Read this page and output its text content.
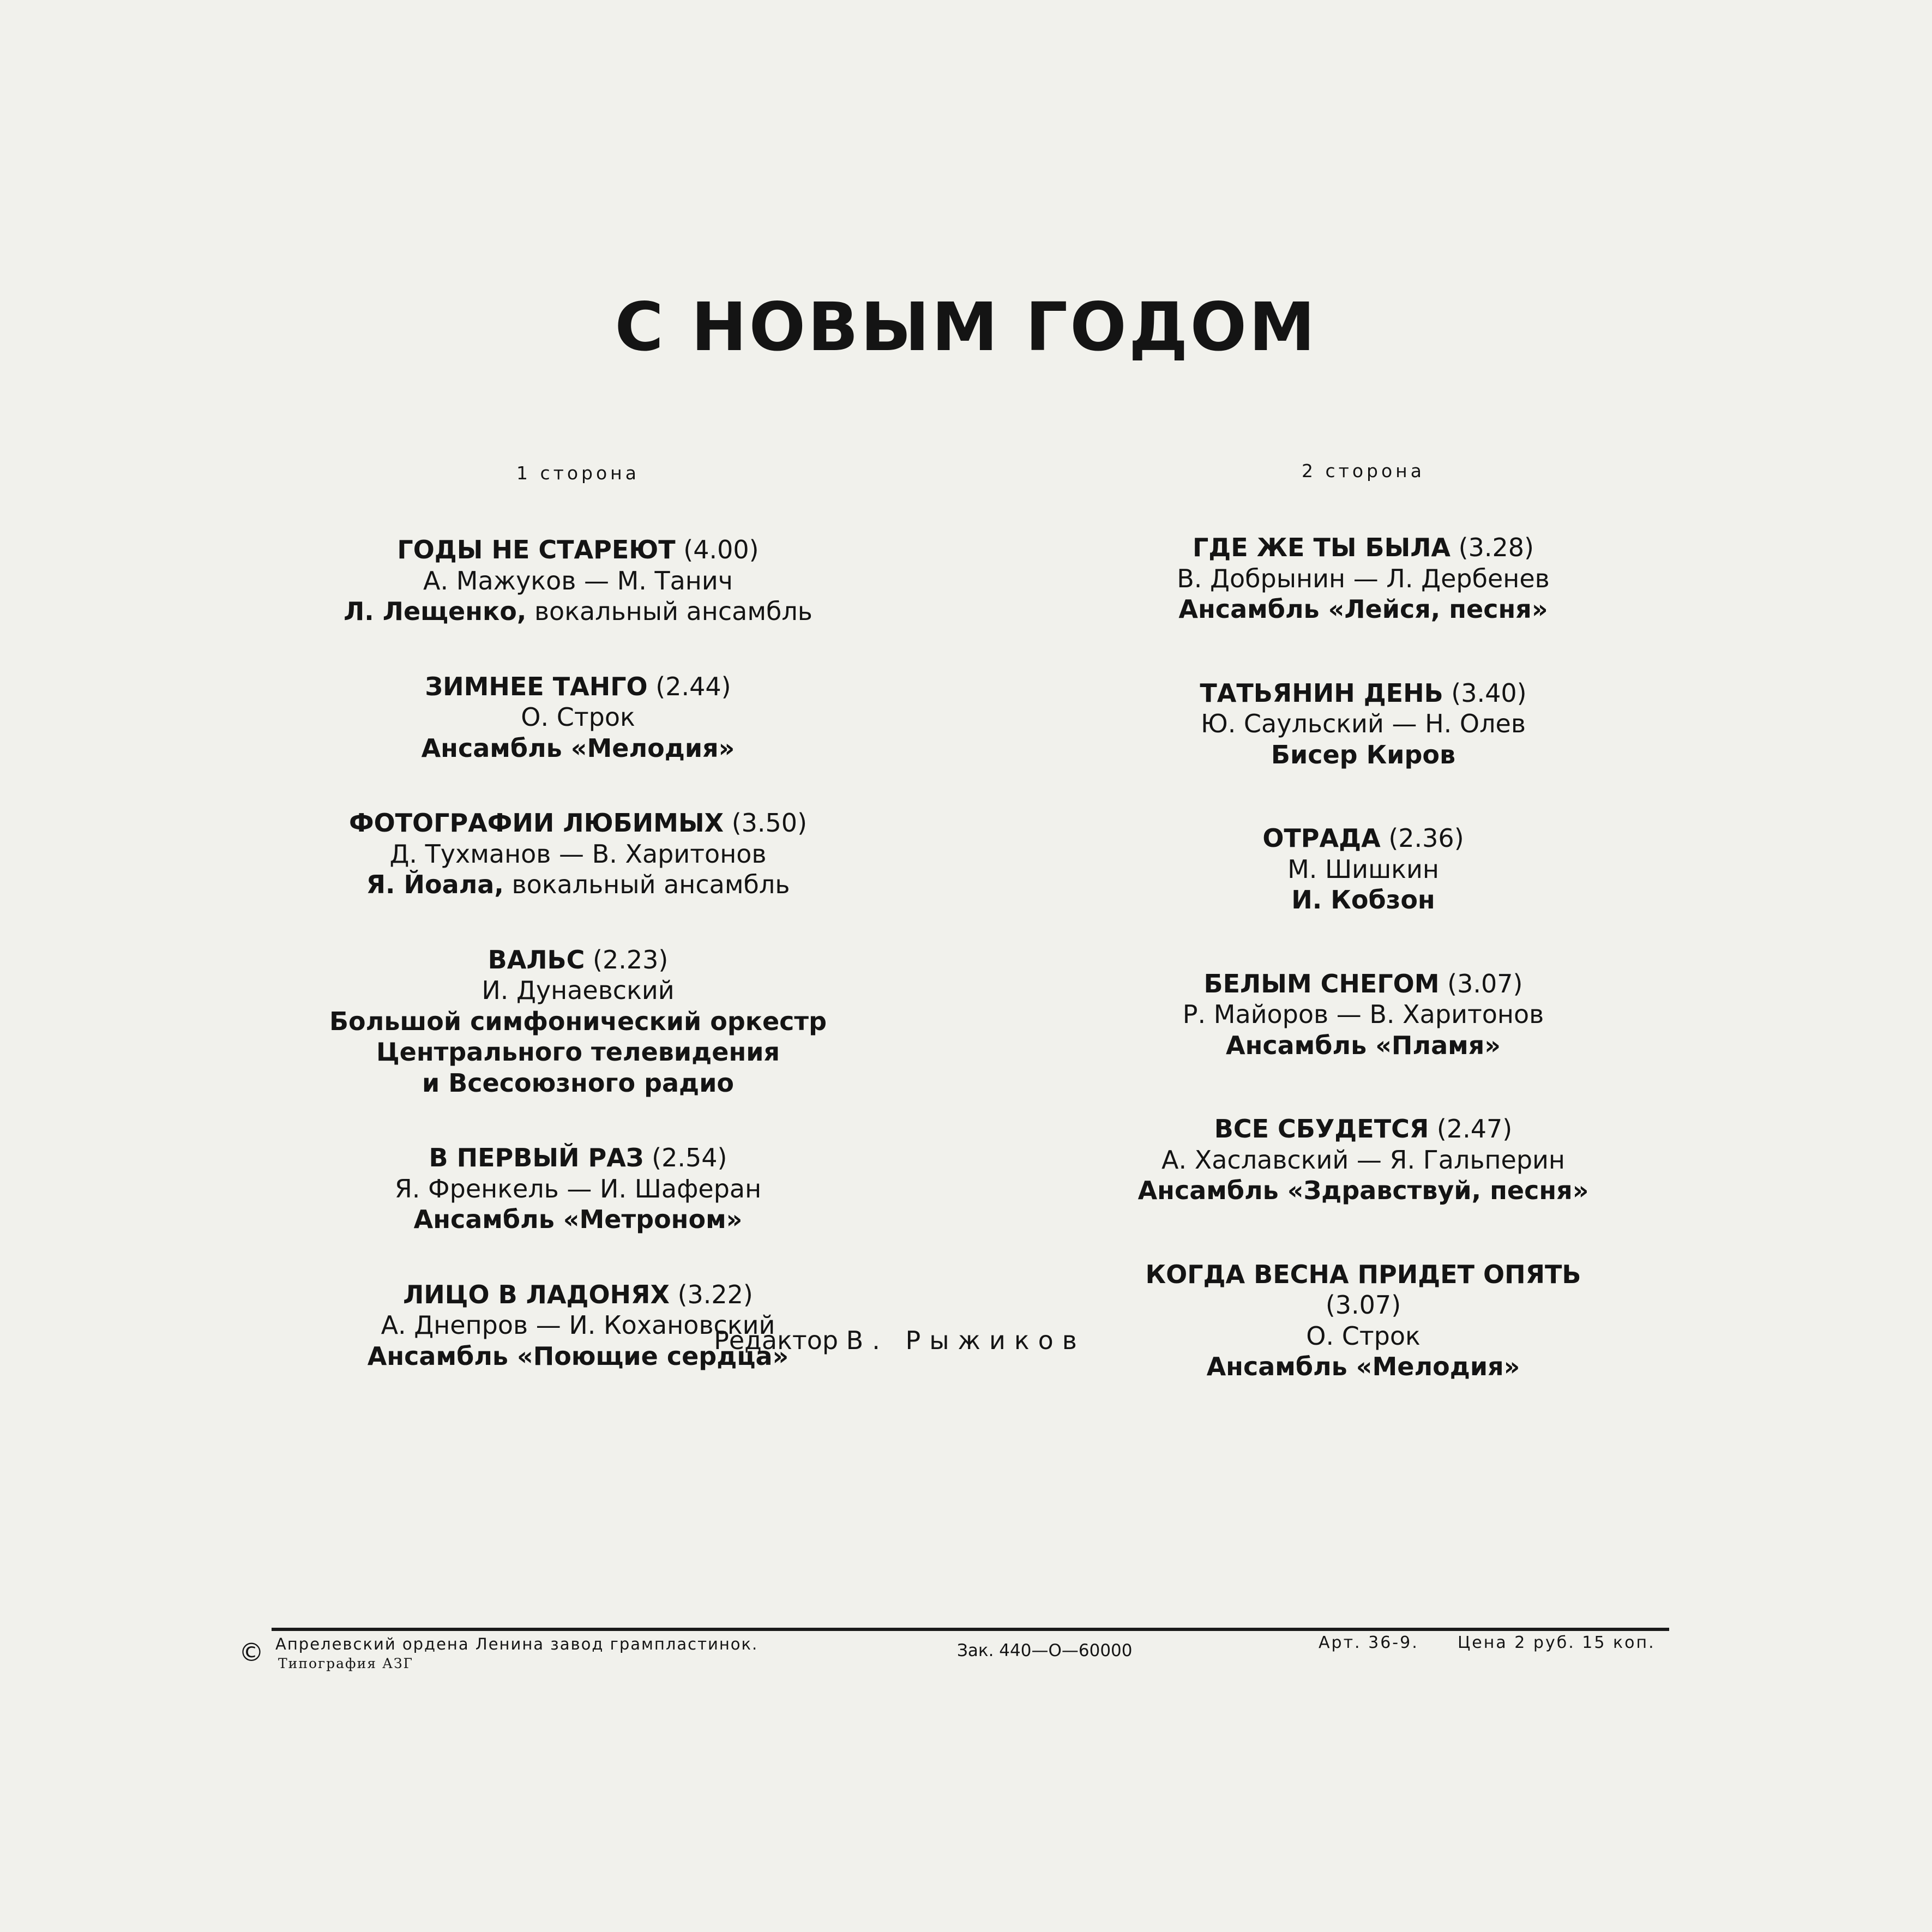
С НОВЫМ ГОДОМ
1 сторона
ГОДЫ НЕ СТАРЕЮТ (4.00)
А. Мажуков — М. Танич
Л. Лещенко, вокальный ансамбль
ЗИМНЕЕ ТАНГО (2.44)
О. Строк
Ансамбль «Мелодия»
ФОТОГРАФИИ ЛЮБИМЫХ (3.50)
Д. Тухманов — В. Харитонов
Я. Йоала, вокальный ансамбль
ВАЛЬС (2.23)
И. Дунаевский
Большой симфонический оркестр
Центрального телевидения
и Всесоюзного радио
В ПЕРВЫЙ РАЗ (2.54)
Я. Френкель — И. Шаферан
Ансамбль «Метроном»
ЛИЦО В ЛАДОНЯХ (3.22)
А. Днепров — И. Кохановский
Ансамбль «Поющие сердца»
2 сторона
ГДЕ ЖЕ ТЫ БЫЛА (3.28)
В. Добрынин — Л. Дербенев
Ансамбль «Лейся, песня»
ТАТЬЯНИН ДЕНЬ (3.40)
Ю. Саульский — Н. Олев
Бисер Киров
ОТРАДА (2.36)
М. Шишкин
И. Кобзон
БЕЛЫМ СНЕГОМ (3.07)
Р. Майоров — В. Харитонов
Ансамбль «Пламя»
ВСЕ СБУДЕТСЯ (2.47)
А. Хаславский — Я. Гальперин
Ансамбль «Здравствуй, песня»
КОГДА ВЕСНА ПРИДЕТ ОПЯТЬ
(3.07)
О. Строк
Ансамбль «Мелодия»
Редактор В. Рыжиков
© Апрелевский ордена Ленина завод грампластинок.
Типография АЗГ
Зак. 440—О—60000	Арт. 36-9. Цена 2 руб. 15 коп.
